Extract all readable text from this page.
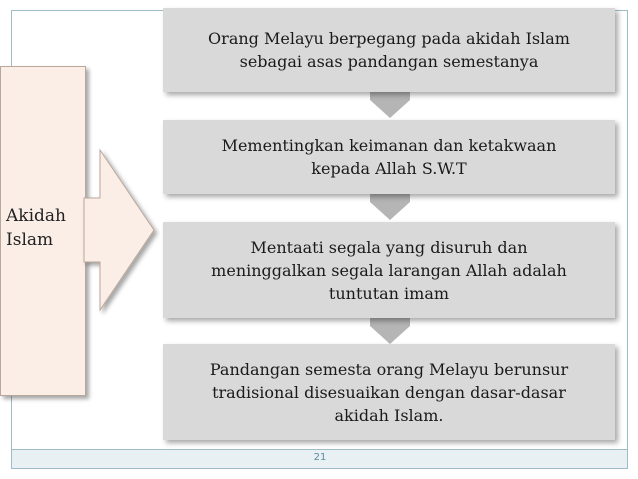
21
Akidah
Islam
Orang Melayu berpegang pada akidah Islam
sebagai asas pandangan semestanya
Mementingkan keimanan dan ketakwaan
kepada Allah S.W.T
Mentaati segala yang disuruh dan
meninggalkan segala larangan Allah adalah
tuntutan imam
Pandangan semesta orang Melayu berunsur
tradisional disesuaikan dengan dasar-dasar
akidah Islam.
